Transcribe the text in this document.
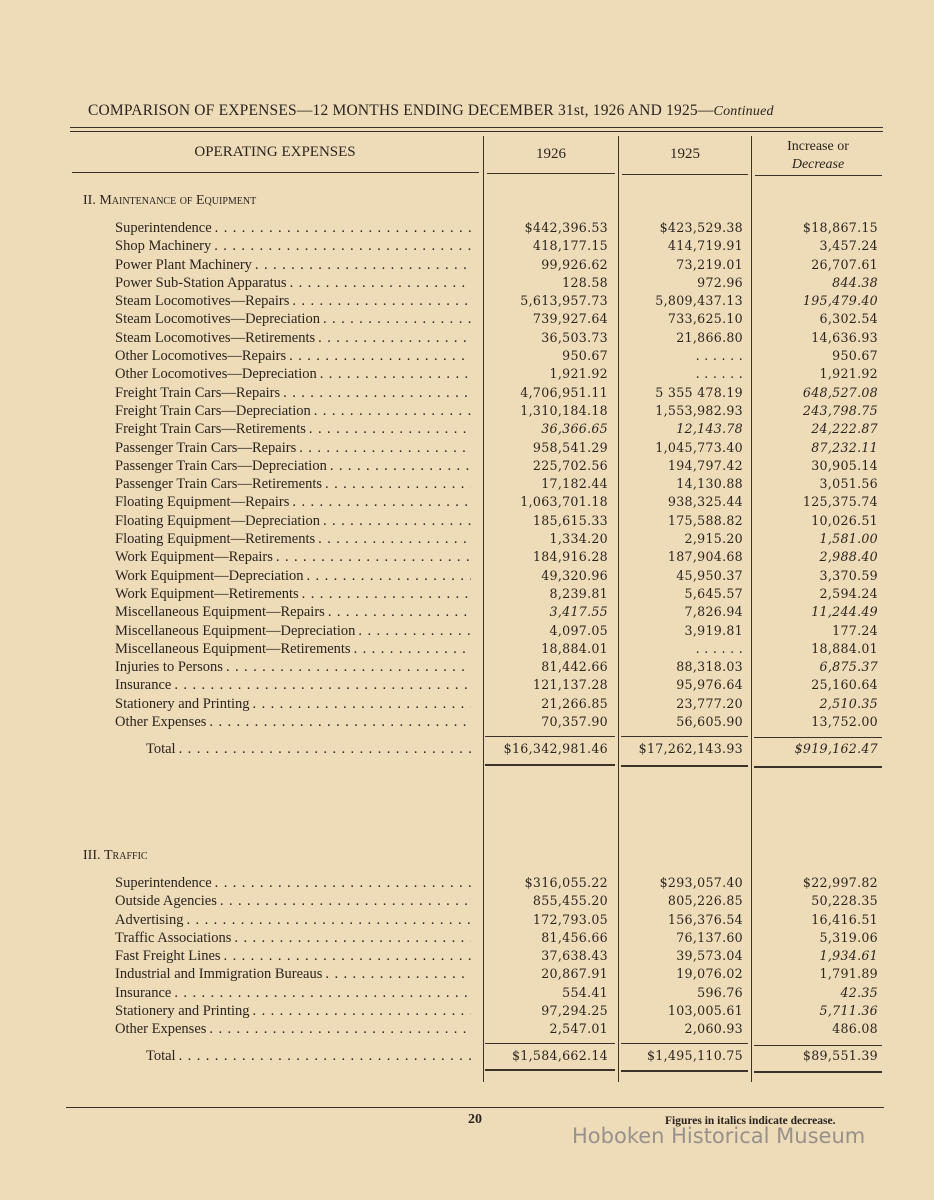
COMPARISON OF EXPENSES—12 MONTHS ENDING DECEMBER 31st, 1926 AND 1925—Continued
OPERATING EXPENSES	1926	1925	Increase or
Decrease
II. Maintenance of Equipment
Superintendence . . .	$442,396.53	$423,529.38	$18,867.15
Shop Machinery . . .	418,177.15	414,719.91	3,457.24
Power Plant Machinery . . .	99,926.62	73,219.01	26,707.61
Power Sub-Station Apparatus . . .	128.58	972.96	844.38
Steam Locomotives—Repairs . . .	5,613,957.73	5,809,437.13	195,479.40
Steam Locomotives—Depreciation . . .	739,927.64	733,625.10	6,302.54
Steam Locomotives—Retirements . . .	36,503.73	21,866.80	14,636.93
Other Locomotives—Repairs . . .	950.67	. . . . . .	950.67
Other Locomotives—Depreciation . . .	1,921.92	. . . . . .	1,921.92
Freight Train Cars—Repairs . . .	4,706,951.11	5 355 478.19	648,527.08
Freight Train Cars—Depreciation . . .	1,310,184.18	1,553,982.93	243,798.75
Freight Train Cars—Retirements . . .	36,366.65	12,143.78	24,222.87
Passenger Train Cars—Repairs . . .	958,541.29	1,045,773.40	87,232.11
Passenger Train Cars—Depreciation . . .	225,702.56	194,797.42	30,905.14
Passenger Train Cars—Retirements . . .	17,182.44	14,130.88	3,051.56
Floating Equipment—Repairs . . .	1,063,701.18	938,325.44	125,375.74
Floating Equipment—Depreciation . . .	185,615.33	175,588.82	10,026.51
Floating Equipment—Retirements . . .	1,334.20	2,915.20	1,581.00
Work Equipment—Repairs . . .	184,916.28	187,904.68	2,988.40
Work Equipment—Depreciation . . .	49,320.96	45,950.37	3,370.59
Work Equipment—Retirements . . .	8,239.81	5,645.57	2,594.24
Miscellaneous Equipment—Repairs . . .	3,417.55	7,826.94	11,244.49
Miscellaneous Equipment—Depreciation . . .	4,097.05	3,919.81	177.24
Miscellaneous Equipment—Retirements . . .	18,884.01	. . . . . .	18,884.01
Injuries to Persons . . .	81,442.66	88,318.03	6,875.37
Insurance . . .	121,137.28	95,976.64	25,160.64
Stationery and Printing . . .	21,266.85	23,777.20	2,510.35
Other Expenses . . .	70,357.90	56,605.90	13,752.00
Total . . .	$16,342,981.46	$17,262,143.93	$919,162.47
III. Traffic
Superintendence . . .	$316,055.22	$293,057.40	$22,997.82
Outside Agencies . . .	855,455.20	805,226.85	50,228.35
Advertising . . .	172,793.05	156,376.54	16,416.51
Traffic Associations . . .	81,456.66	76,137.60	5,319.06
Fast Freight Lines . . .	37,638.43	39,573.04	1,934.61
Industrial and Immigration Bureaus . . .	20,867.91	19,076.02	1,791.89
Insurance . . .	554.41	596.76	42.35
Stationery and Printing . . .	97,294.25	103,005.61	5,711.36
Other Expenses . . .	2,547.01	2,060.93	486.08
Total . . .	$1,584,662.14	$1,495,110.75	$89,551.39
20	Figures in italics indicate decrease.
Hoboken Historical Museum
